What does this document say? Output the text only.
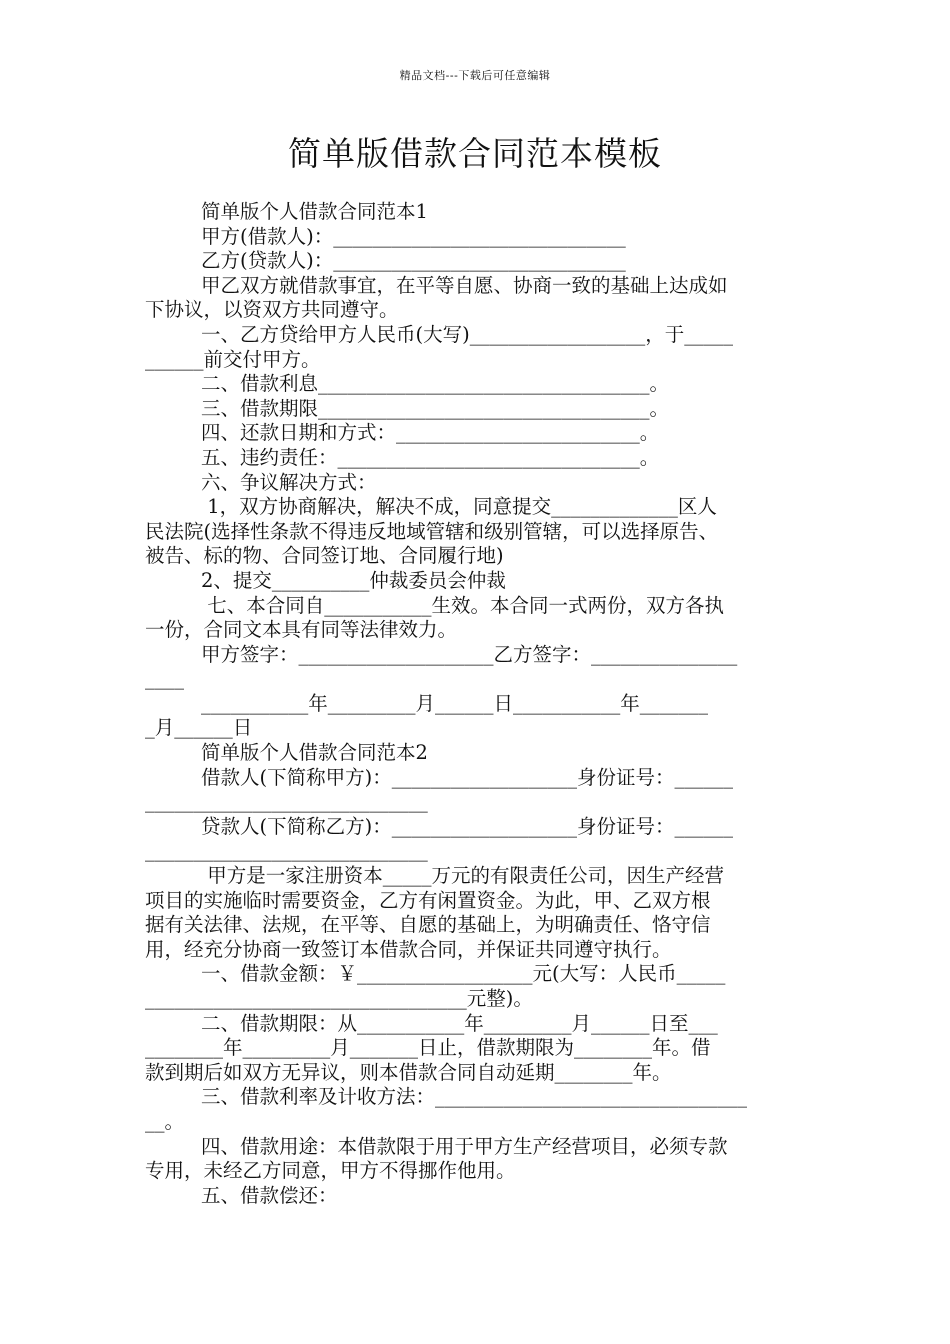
精品文档---下载后可任意编辑
简单版借款合同范本模板
简单版个人借款合同范本1
甲方(借款人)：______________________________
乙方(贷款人)：______________________________
甲乙双方就借款事宜，在平等自愿、协商一致的基础上达成如
下协议，以资双方共同遵守。
一、乙方贷给甲方人民币(大写)__________________，于_____
______前交付甲方。
二、借款利息__________________________________。
三、借款期限__________________________________。
四、还款日期和方式：_________________________。
五、违约责任：_______________________________。
六、争议解决方式：
1，双方协商解决，解决不成，同意提交_____________区人
民法院(选择性条款不得违反地域管辖和级别管辖，可以选择原告、
被告、标的物、合同签订地、合同履行地)
2、提交__________仲裁委员会仲裁
七、本合同自___________生效。本合同一式两份，双方各执
一份，合同文本具有同等法律效力。
甲方签字：____________________乙方签字：_______________
____
___________年_________月______日___________年_______
_月______日
简单版个人借款合同范本2
借款人(下简称甲方)：___________________身份证号：______
_____________________________
贷款人(下简称乙方)：___________________身份证号：______
_____________________________
甲方是一家注册资本_____万元的有限责任公司，因生产经营
项目的实施临时需要资金，乙方有闲置资金。为此，甲、乙双方根
据有关法律、法规，在平等、自愿的基础上，为明确责任、恪守信
用，经充分协商一致签订本借款合同，并保证共同遵守执行。
一、借款金额：￥__________________元(大写：人民币_____
_________________________________元整)。
二、借款期限：从___________年_________月______日至___
________年_________月_______日止，借款期限为________年。借
款到期后如双方无异议，则本借款合同自动延期________年。
三、借款利率及计收方法：________________________________
__。
四、借款用途：本借款限于用于甲方生产经营项目，必须专款
专用，未经乙方同意，甲方不得挪作他用。
五、借款偿还：
